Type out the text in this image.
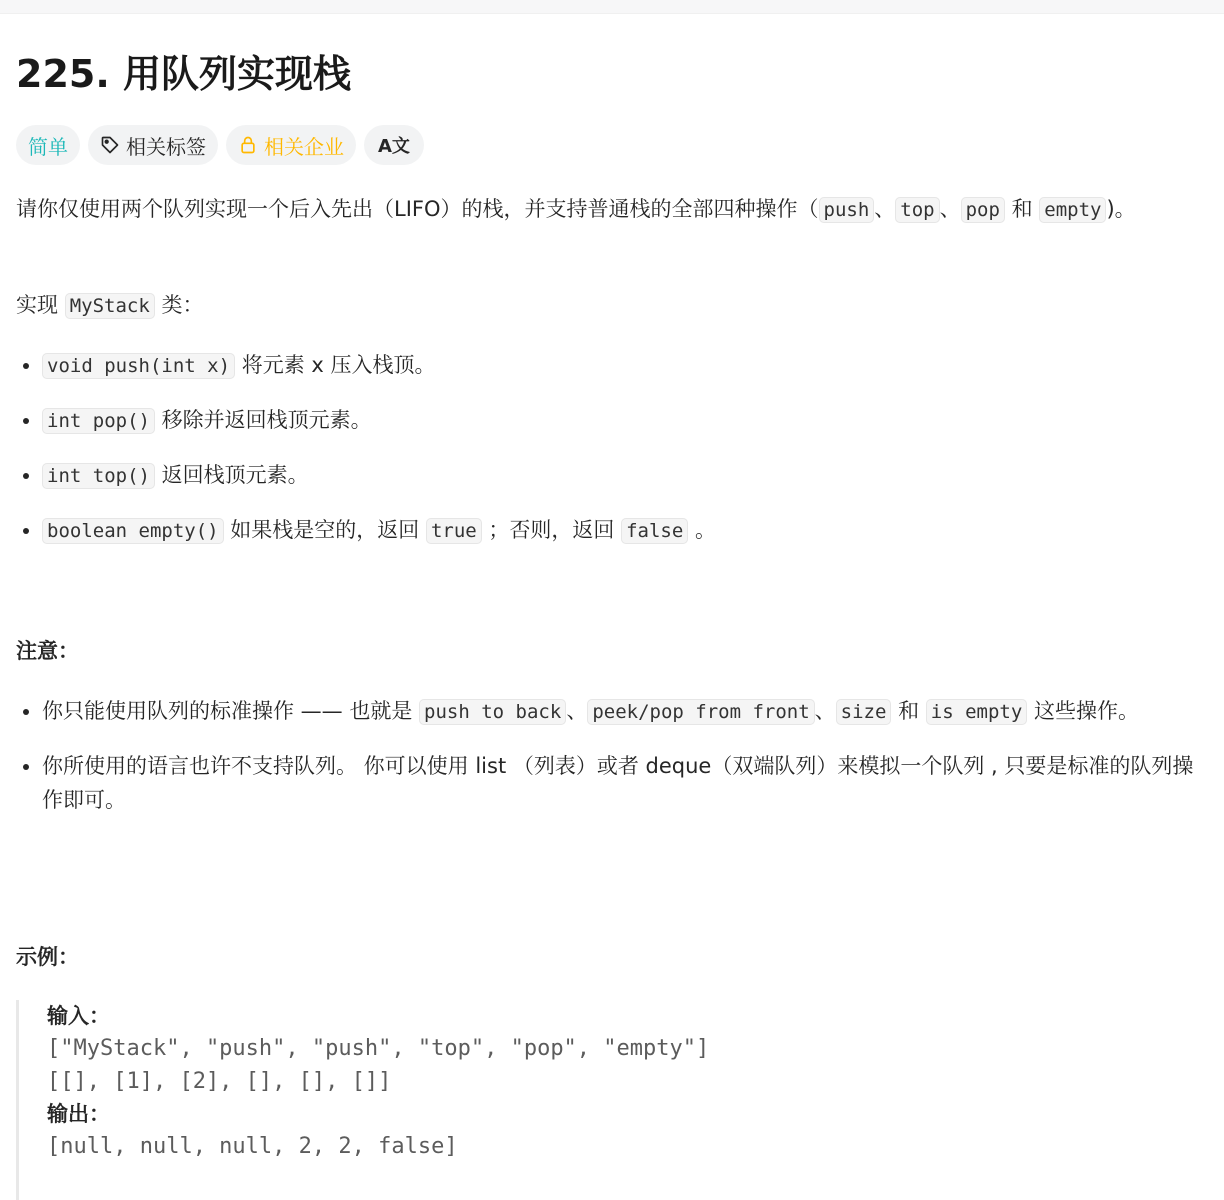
225. 用队列实现栈
简单	相关标签	相关企业 A文

请你仅使用两个队列实现一个后入先出（LIFO）的栈，并支持普通栈的全部四种操作（ push 、 top 、 pop 和 empty )。

实现 MyStack 类：

• void push(int x) 将元素 x 压入栈顶。
• int pop() 移除并返回栈顶元素。
• int top() 返回栈顶元素。
• boolean empty() 如果栈是空的，返回 true ；否则，返回 false 。

注意：

• 你只能使用队列的标准操作 —— 也就是 push to back 、 peek/pop from front 、 size 和 is empty 这些操作。
• 你所使用的语言也许不支持队列。 你可以使用 list （列表）或者 deque（双端队列）来模拟一个队列 , 只要是标准的队列操作即可。

示例：

输入：
["MyStack", "push", "push", "top", "pop", "empty"]
[[], [1], [2], [], [], []]
输出：
[null, null, null, 2, 2, false]
